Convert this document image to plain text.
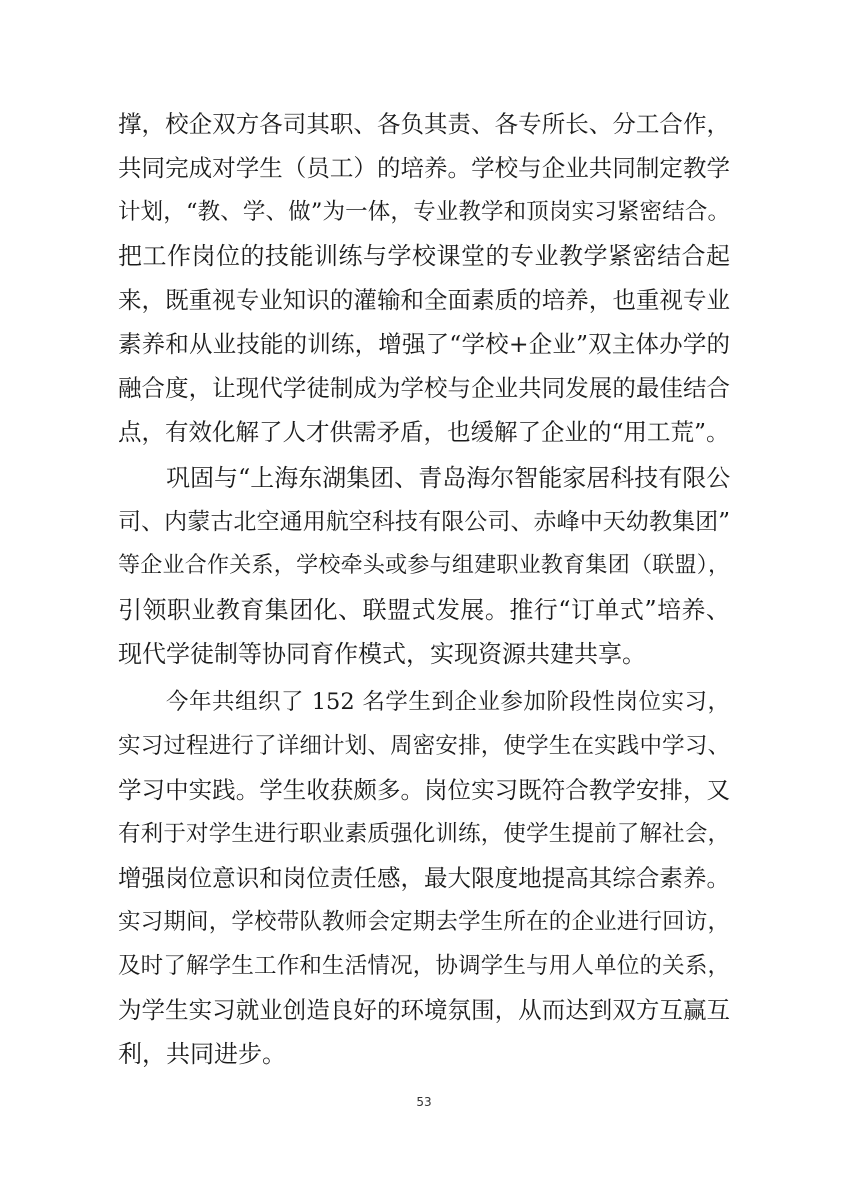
撑，校企双方各司其职、各负其责、各专所长、分工合作，
共同完成对学生（员工）的培养。学校与企业共同制定教学
计划，“教、学、做”为一体，专业教学和顶岗实习紧密结合。
把工作岗位的技能训练与学校课堂的专业教学紧密结合起
来，既重视专业知识的灌输和全面素质的培养，也重视专业
素养和从业技能的训练，增强了“学校+企业”双主体办学的
融合度，让现代学徒制成为学校与企业共同发展的最佳结合
点，有效化解了人才供需矛盾，也缓解了企业的“用工荒”。
巩固与“上海东湖集团、青岛海尔智能家居科技有限公
司、内蒙古北空通用航空科技有限公司、赤峰中天幼教集团”
等企业合作关系，学校牵头或参与组建职业教育集团（联盟），
引领职业教育集团化、联盟式发展。推行“订单式”培养、
现代学徒制等协同育作模式，实现资源共建共享。
今年共组织了 152 名学生到企业参加阶段性岗位实习，
实习过程进行了详细计划、周密安排，使学生在实践中学习、
学习中实践。学生收获颇多。岗位实习既符合教学安排，又
有利于对学生进行职业素质强化训练，使学生提前了解社会，
增强岗位意识和岗位责任感，最大限度地提高其综合素养。
实习期间，学校带队教师会定期去学生所在的企业进行回访，
及时了解学生工作和生活情况，协调学生与用人单位的关系，
为学生实习就业创造良好的环境氛围，从而达到双方互赢互
利，共同进步。
53
